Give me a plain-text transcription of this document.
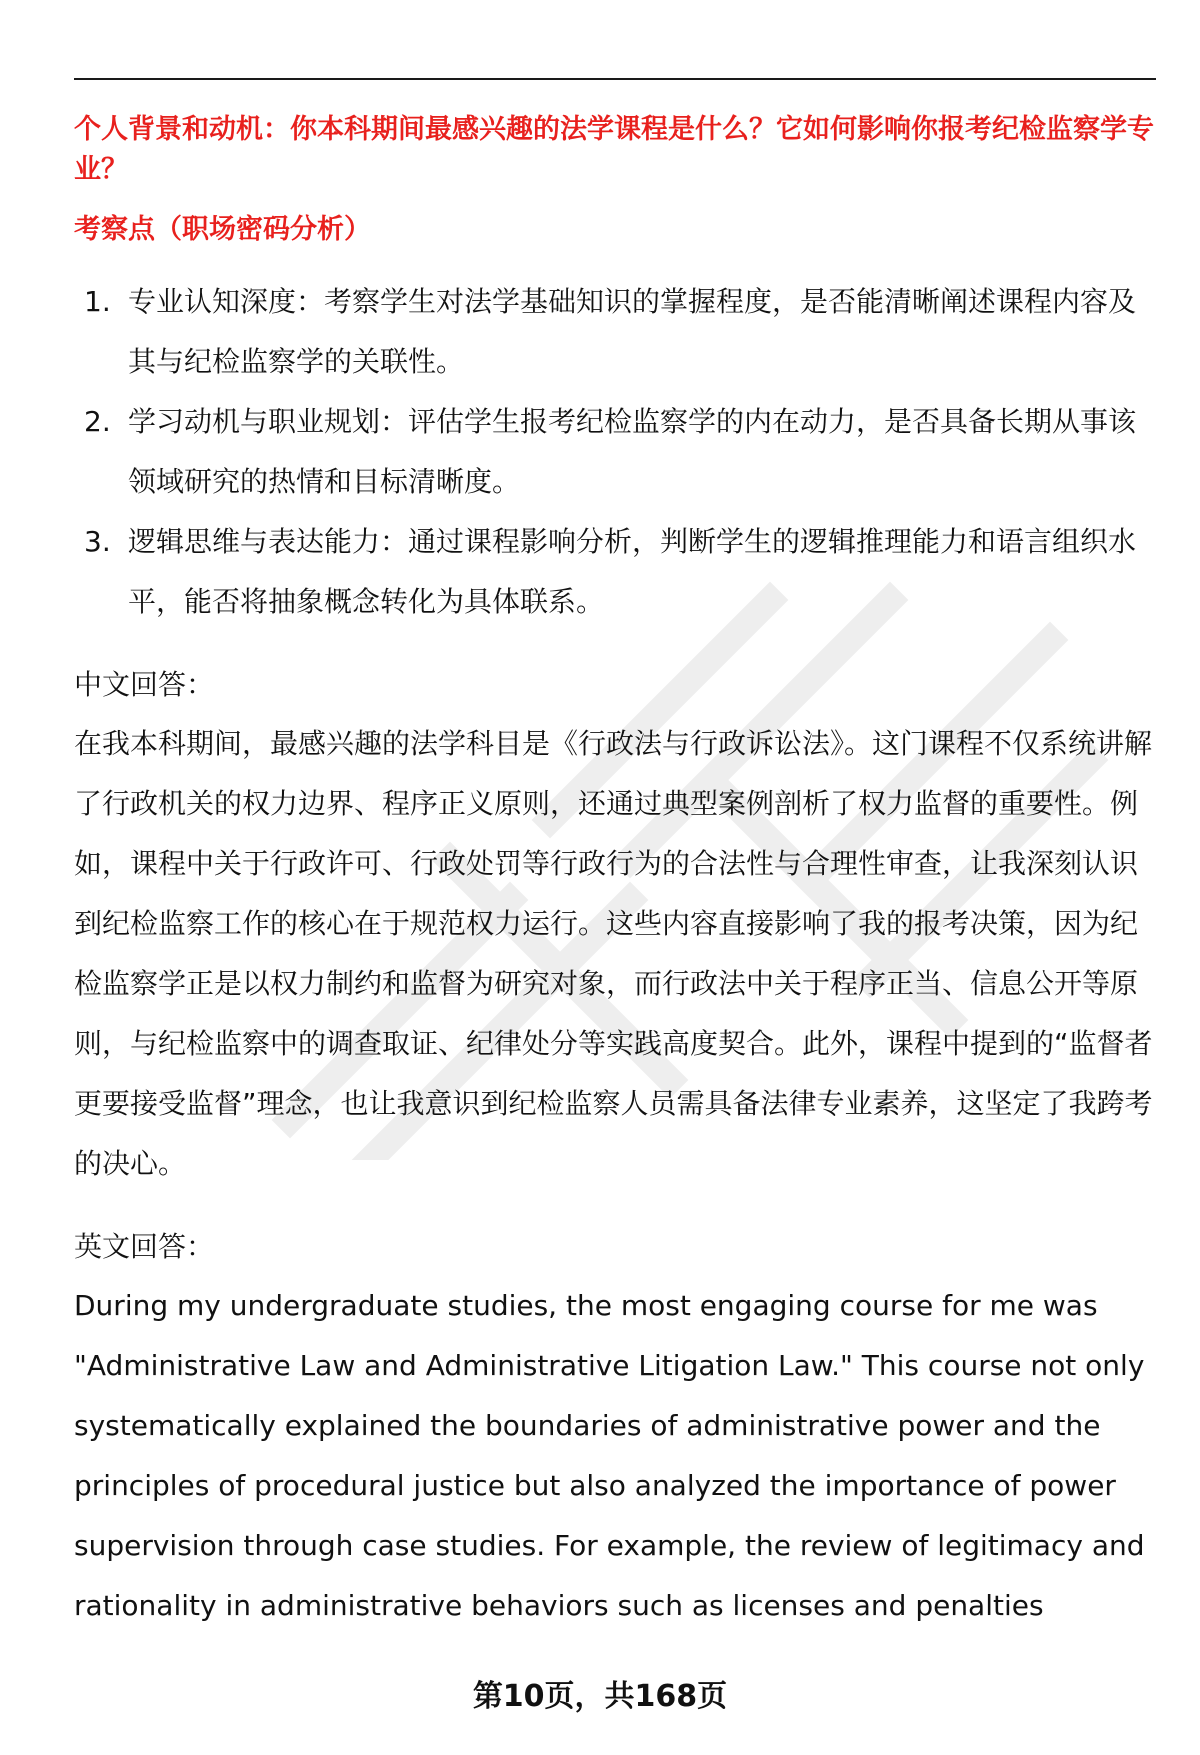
个人背景和动机：你本科期间最感兴趣的法学课程是什么？它如何影响你报考纪检监察学专业？

考察点（职场密码分析）

1. 专业认知深度：考察学生对法学基础知识的掌握程度，是否能清晰阐述课程内容及其与纪检监察学的关联性。
2. 学习动机与职业规划：评估学生报考纪检监察学的内在动力，是否具备长期从事该领域研究的热情和目标清晰度。
3. 逻辑思维与表达能力：通过课程影响分析，判断学生的逻辑推理能力和语言组织水平，能否将抽象概念转化为具体联系。

中文回答：

在我本科期间，最感兴趣的法学科目是《行政法与行政诉讼法》。这门课程不仅系统讲解了行政机关的权力边界、程序正义原则，还通过典型案例剖析了权力监督的重要性。例如，课程中关于行政许可、行政处罚等行政行为的合法性与合理性审查，让我深刻认识到纪检监察工作的核心在于规范权力运行。这些内容直接影响了我的报考决策，因为纪检监察学正是以权力制约和监督为研究对象，而行政法中关于程序正当、信息公开等原则，与纪检监察中的调查取证、纪律处分等实践高度契合。此外，课程中提到的“监督者更要接受监督”理念，也让我意识到纪检监察人员需具备法律专业素养，这坚定了我跨考的决心。

英文回答：

During my undergraduate studies, the most engaging course for me was "Administrative Law and Administrative Litigation Law." This course not only systematically explained the boundaries of administrative power and the principles of procedural justice but also analyzed the importance of power supervision through case studies. For example, the review of legitimacy and rationality in administrative behaviors such as licenses and penalties

第10页，共168页
